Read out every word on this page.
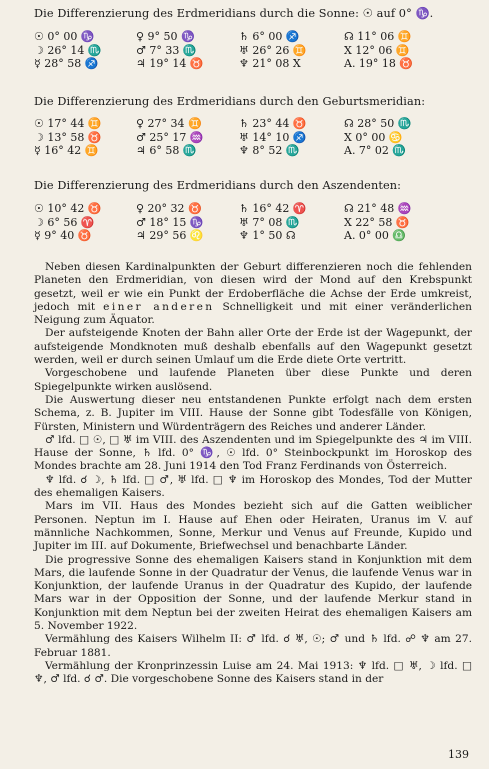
Die Differenzierung des Erdmeridians durch die Sonne: ☉ auf 0° ♑.
☉ 0° 00 ♑	♀ 9° 50 ♑	♄ 6° 00 ♐	☊ 11° 06 ♊
☽ 26° 14 ♏	♂ 7° 33 ♏	♅ 26° 26 ♊	X 12° 06 ♊
☿ 28° 58 ♐	♃ 19° 14 ♉	♆ 21° 08 X	A. 19° 18 ♉
Die Differenzierung des Erdmeridians durch den Geburtsmeridian:
☉ 17° 44 ♊	♀ 27° 34 ♊	♄ 23° 44 ♉	☊ 28° 50 ♏
☽ 13° 58 ♉	♂ 25° 17 ♒	♅ 14° 10 ♐	X 0° 00 ♋
☿ 16° 42 ♊	♃ 6° 58 ♏	♆ 8° 52 ♏	A. 7° 02 ♏
Die Differenzierung des Erdmeridians durch den Aszendenten:
☉ 10° 42 ♉	♀ 20° 32 ♉	♄ 16° 42 ♈	☊ 21° 48 ♒
☽ 6° 56 ♈	♂ 18° 15 ♑	♅ 7° 08 ♏	X 22° 58 ♉
☿ 9° 40 ♉	♃ 29° 56 ♌	♆ 1° 50 ☊	A. 0° 00 ♎

Neben diesen Kardinalpunkten der Geburt differenzieren noch die fehlenden Planeten den Erdmeridian, von diesen wird der Mond auf den Krebspunkt gesetzt, weil er wie ein Punkt der Erdoberfläche die Achse der Erde umkreist, jedoch mit einer anderen Schnelligkeit und mit einer veränderlichen Neigung zum Äquator.

Der aufsteigende Knoten der Bahn aller Orte der Erde ist der Wagepunkt, der aufsteigende Mondknoten muß deshalb ebenfalls auf den Wagepunkt gesetzt werden, weil er durch seinen Umlauf um die Erde diete Orte vertritt.

Vorgeschobene und laufende Planeten über diese Punkte und deren Spiegelpunkte wirken auslösend.

Die Auswertung dieser neu entstandenen Punkte erfolgt nach dem ersten Schema, z. B. Jupiter im VIII. Hause der Sonne gibt Todesfälle von Königen, Fürsten, Ministern und Würdenträgern des Reiches und anderer Länder.

♂ lfd. □ ☉, □ ♅ im VIII. des Aszendenten und im Spiegelpunkte des ♃ im VIII. Hause der Sonne, ♄ lfd. 0° ♑, ☉ lfd. 0° Steinbockpunkt im Horoskop des Mondes brachte am 28. Juni 1914 den Tod Franz Ferdinands von Österreich.

♆ lfd. ☌ ☽, ♄ lfd. □ ♂, ♅ lfd. □ ♆ im Horoskop des Mondes, Tod der Mutter des ehemaligen Kaisers.

Mars im VII. Haus des Mondes bezieht sich auf die Gatten weiblicher Personen. Neptun im I. Hause auf Ehen oder Heiraten, Uranus im V. auf männliche Nachkommen, Sonne, Merkur und Venus auf Freunde, Kupido und Jupiter im III. auf Dokumente, Briefwechsel und benachbarte Länder.

Die progressive Sonne des ehemaligen Kaisers stand in Konjunktion mit dem Mars, die laufende Sonne in der Quadratur der Venus, die laufende Venus war in Konjunktion, der laufende Uranus in der Quadratur des Kupido, der laufende Mars war in der Opposition der Sonne, und der laufende Merkur stand in Konjunktion mit dem Neptun bei der zweiten Heirat des ehemaligen Kaisers am 5. November 1922.

Vermählung des Kaisers Wilhelm II: ♂ lfd. ☌ ♅, ☉; ♂ und ♄ lfd. ☍ ♆ am 27. Februar 1881.

Vermählung der Kronprinzessin Luise am 24. Mai 1913: ♆ lfd. □ ♅, ☽ lfd. □ ♆, ♂ lfd. ☌ ♂. Die vorgeschobene Sonne des Kaisers stand in der

139
